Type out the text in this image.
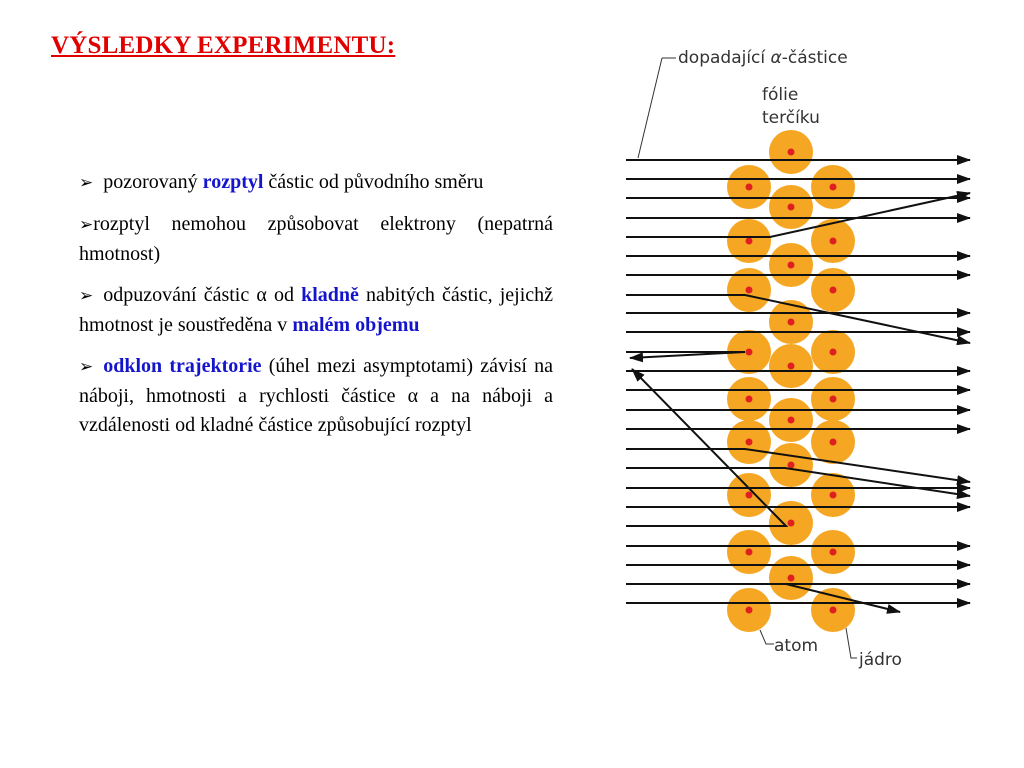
VÝSLEDKY EXPERIMENTU:
➢ pozorovaný rozptyl částic od původního směru
➢rozptyl nemohou způsobovat elektrony (nepatrná hmotnost)
➢ odpuzování částic α od kladně nabitých částic, jejichž hmotnost je soustředěna v malém objemu
➢ odklon trajektorie (úhel mezi asymptotami) závisí na náboji, hmotnosti a rychlosti částice α a na náboji a vzdálenosti od kladné částice způsobující rozptyl
dopadající α-částice
fólie
terčíku
atom
jádro
